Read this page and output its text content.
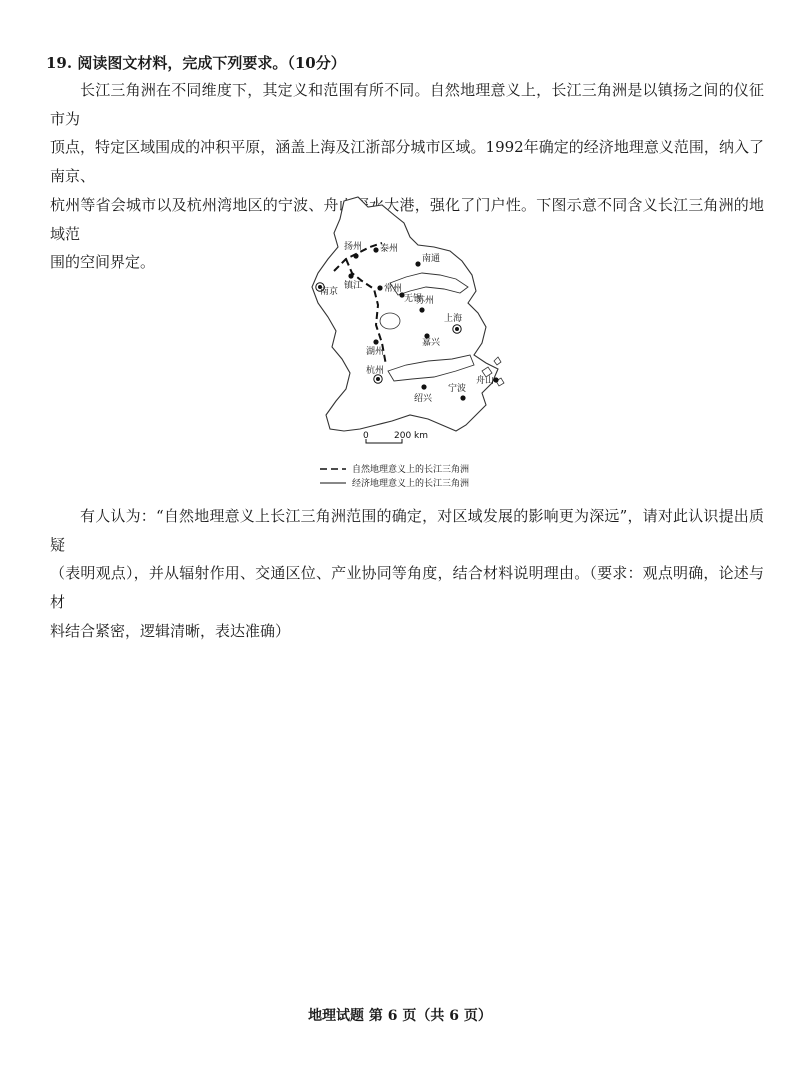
19. 阅读图文材料，完成下列要求。（10分）

长江三角洲在不同维度下，其定义和范围有所不同。自然地理意义上，长江三角洲是以镇扬之间的仪征市为
顶点，特定区域围成的冲积平原，涵盖上海及江浙部分城市区域。1992年确定的经济地理意义范围，纳入了南京、
杭州等省会城市以及杭州湾地区的宁波、舟山深水大港，强化了门户性。下图示意不同含义长江三角洲的地域范
围的空间界定。

扬州 泰州
南通
南京
镇江 常州
无锡
苏州
上海
嘉兴
湖州
杭州
绍兴
宁波
舟山
0	200 km
自然地理意义上的长江三角洲
经济地理意义上的长江三角洲

有人认为：“自然地理意义上长江三角洲范围的确定，对区域发展的影响更为深远”，请对此认识提出质疑
（表明观点），并从辐射作用、交通区位、产业协同等角度，结合材料说明理由。（要求：观点明确，论述与材
料结合紧密，逻辑清晰，表达准确）

地理试题 第 6 页（共 6 页）
